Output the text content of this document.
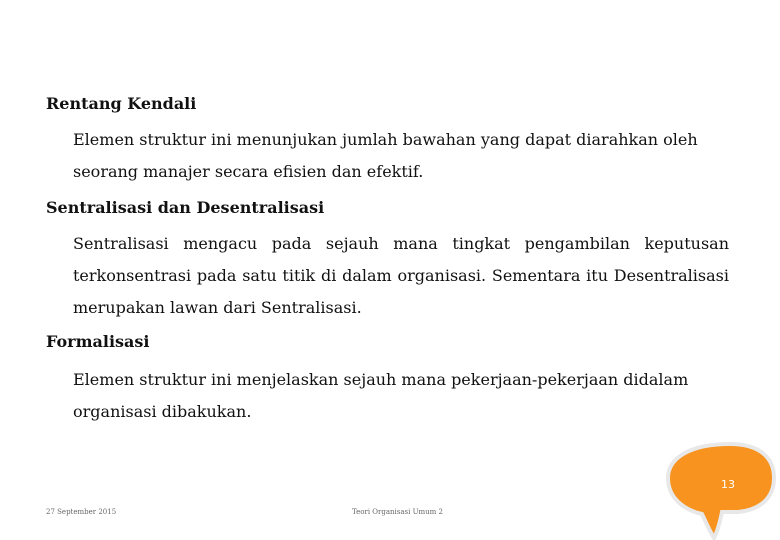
Rentang Kendali
Elemen struktur ini menunjukan jumlah bawahan yang dapat diarahkan oleh seorang manajer secara efisien dan efektif.
Sentralisasi dan Desentralisasi
Sentralisasi mengacu pada sejauh mana tingkat pengambilan keputusan terkonsentrasi pada satu titik di dalam organisasi. Sementara itu Desentralisasi merupakan lawan dari Sentralisasi.
Formalisasi
Elemen struktur ini menjelaskan sejauh mana pekerjaan-pekerjaan didalam organisasi dibakukan.
27 September 2015	Teori Organisasi Umum 2
13
